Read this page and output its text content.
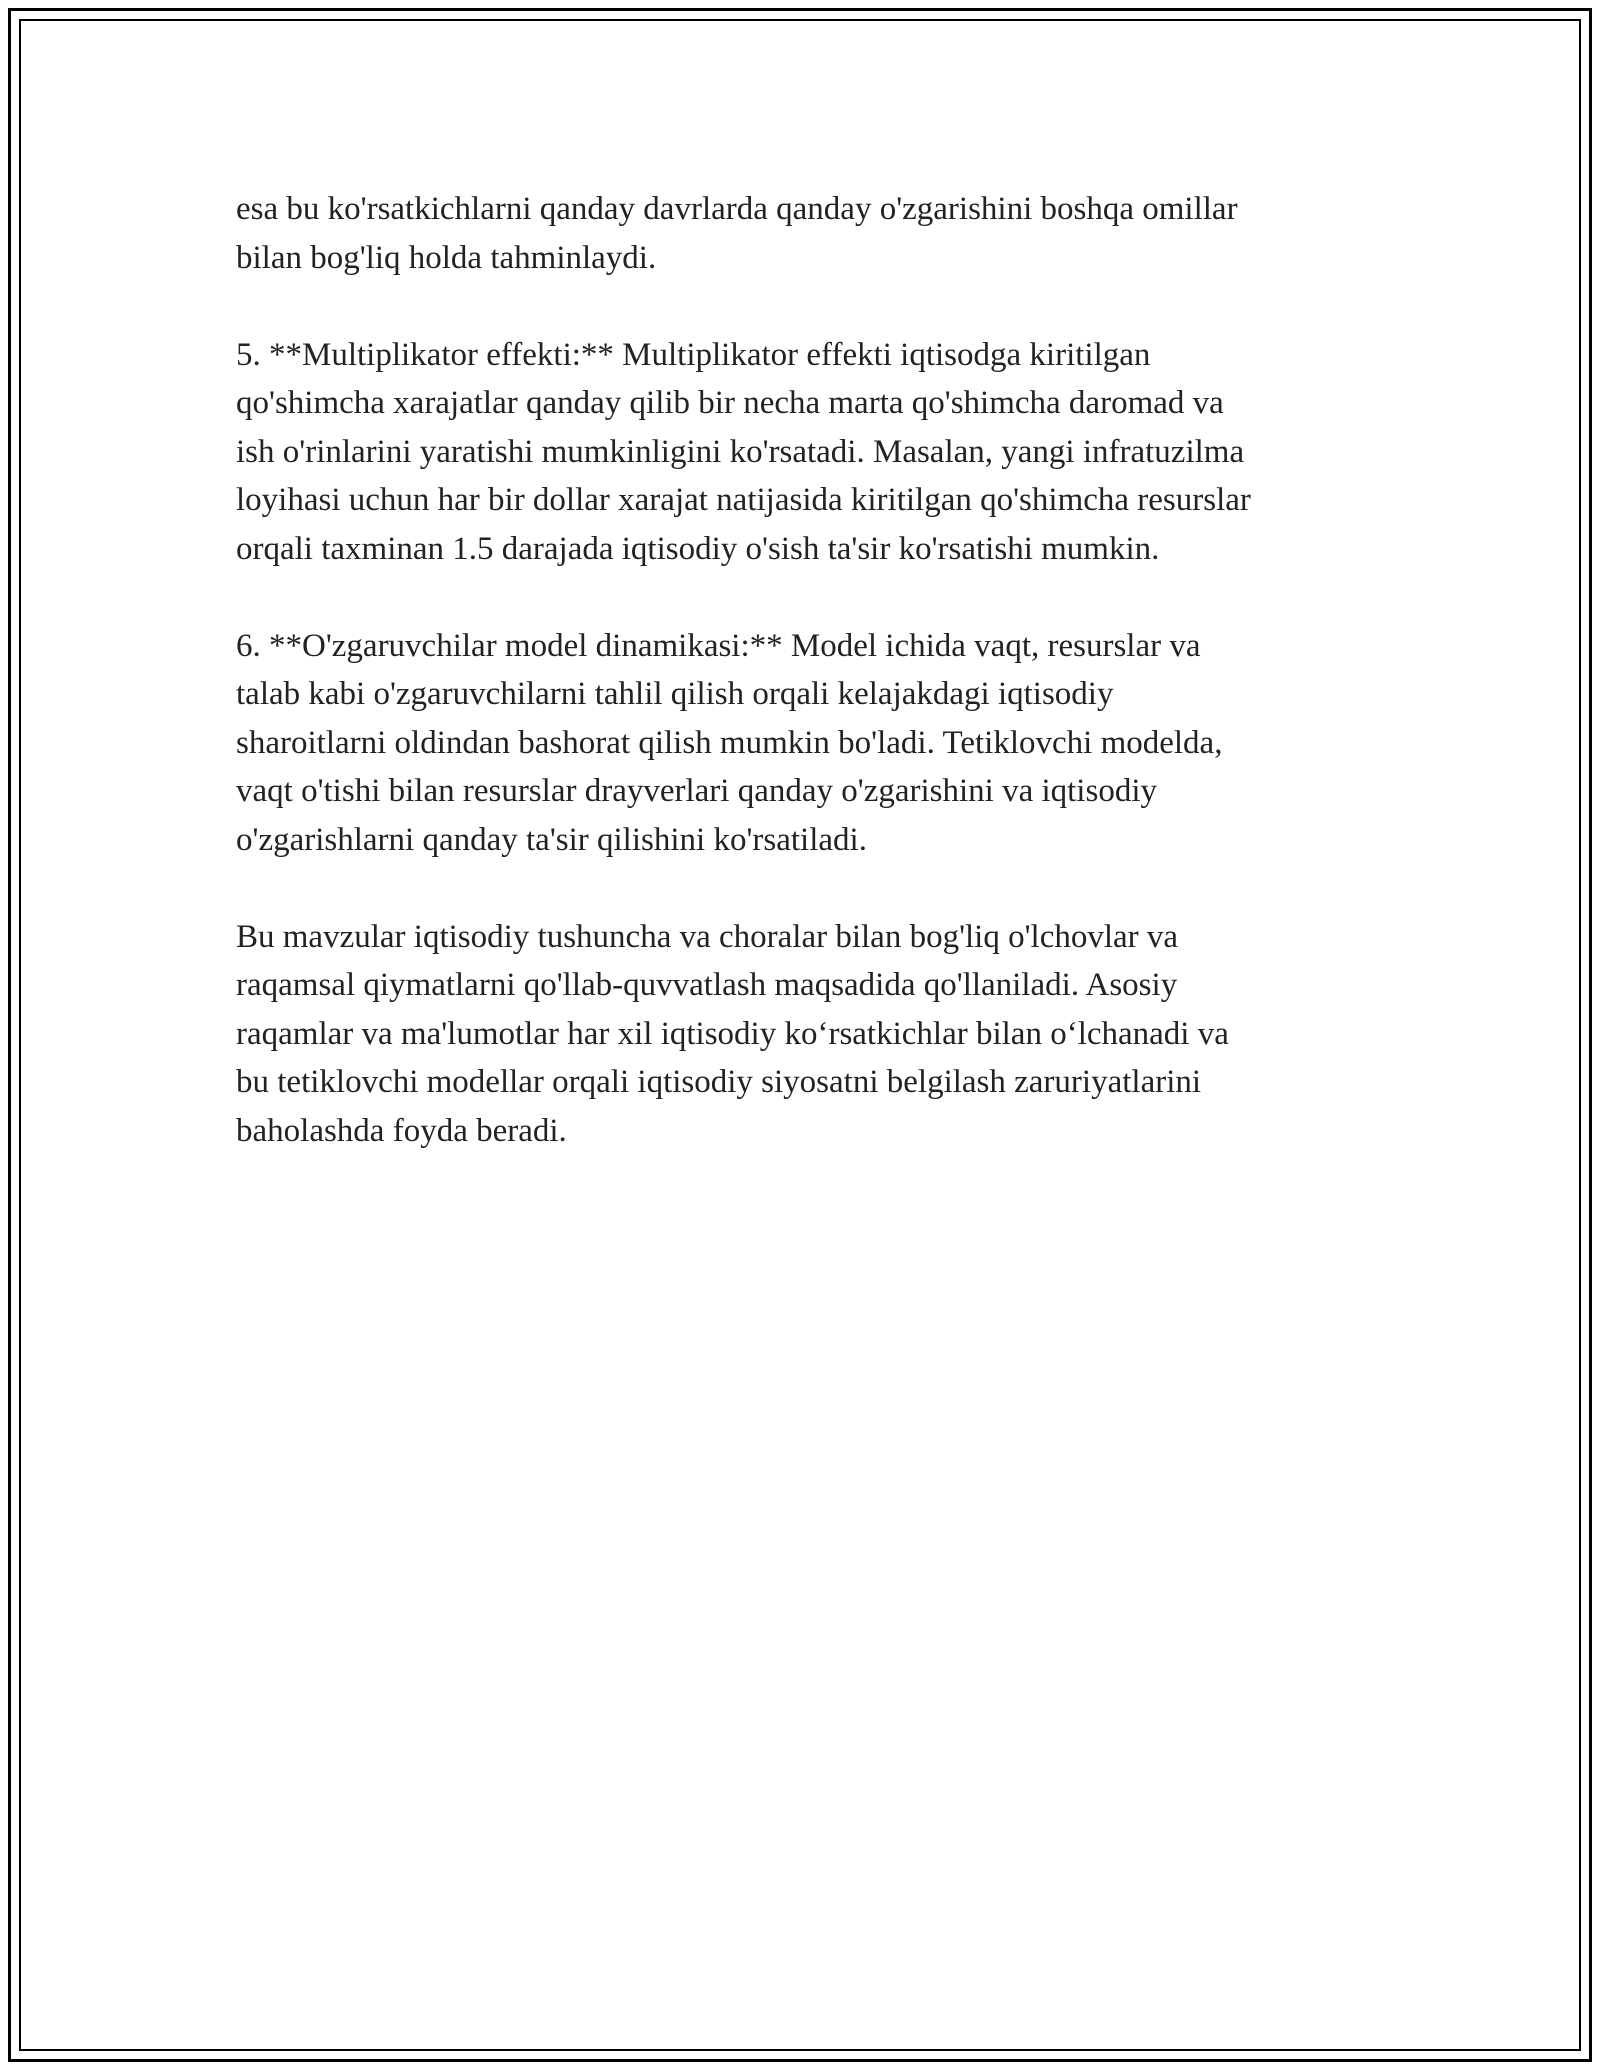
esa bu ko'rsatkichlarni qanday davrlarda qanday o'zgarishini boshqa omillar
bilan bog'liq holda tahminlaydi.

5. **Multiplikator effekti:** Multiplikator effekti iqtisodga kiritilgan
qo'shimcha xarajatlar qanday qilib bir necha marta qo'shimcha daromad va
ish o'rinlarini yaratishi mumkinligini ko'rsatadi. Masalan, yangi infratuzilma
loyihasi uchun har bir dollar xarajat natijasida kiritilgan qo'shimcha resurslar
orqali taxminan 1.5 darajada iqtisodiy o'sish ta'sir ko'rsatishi mumkin.

6. **O'zgaruvchilar model dinamikasi:** Model ichida vaqt, resurslar va
talab kabi o'zgaruvchilarni tahlil qilish orqali kelajakdagi iqtisodiy
sharoitlarni oldindan bashorat qilish mumkin bo'ladi. Tetiklovchi modelda,
vaqt o'tishi bilan resurslar drayverlari qanday o'zgarishini va iqtisodiy
o'zgarishlarni qanday ta'sir qilishini ko'rsatiladi.

Bu mavzular iqtisodiy tushuncha va choralar bilan bog'liq o'lchovlar va
raqamsal qiymatlarni qo'llab-quvvatlash maqsadida qo'llaniladi. Asosiy
raqamlar va ma'lumotlar har xil iqtisodiy ko‘rsatkichlar bilan o‘lchanadi va
bu tetiklovchi modellar orqali iqtisodiy siyosatni belgilash zaruriyatlarini
baholashda foyda beradi.
